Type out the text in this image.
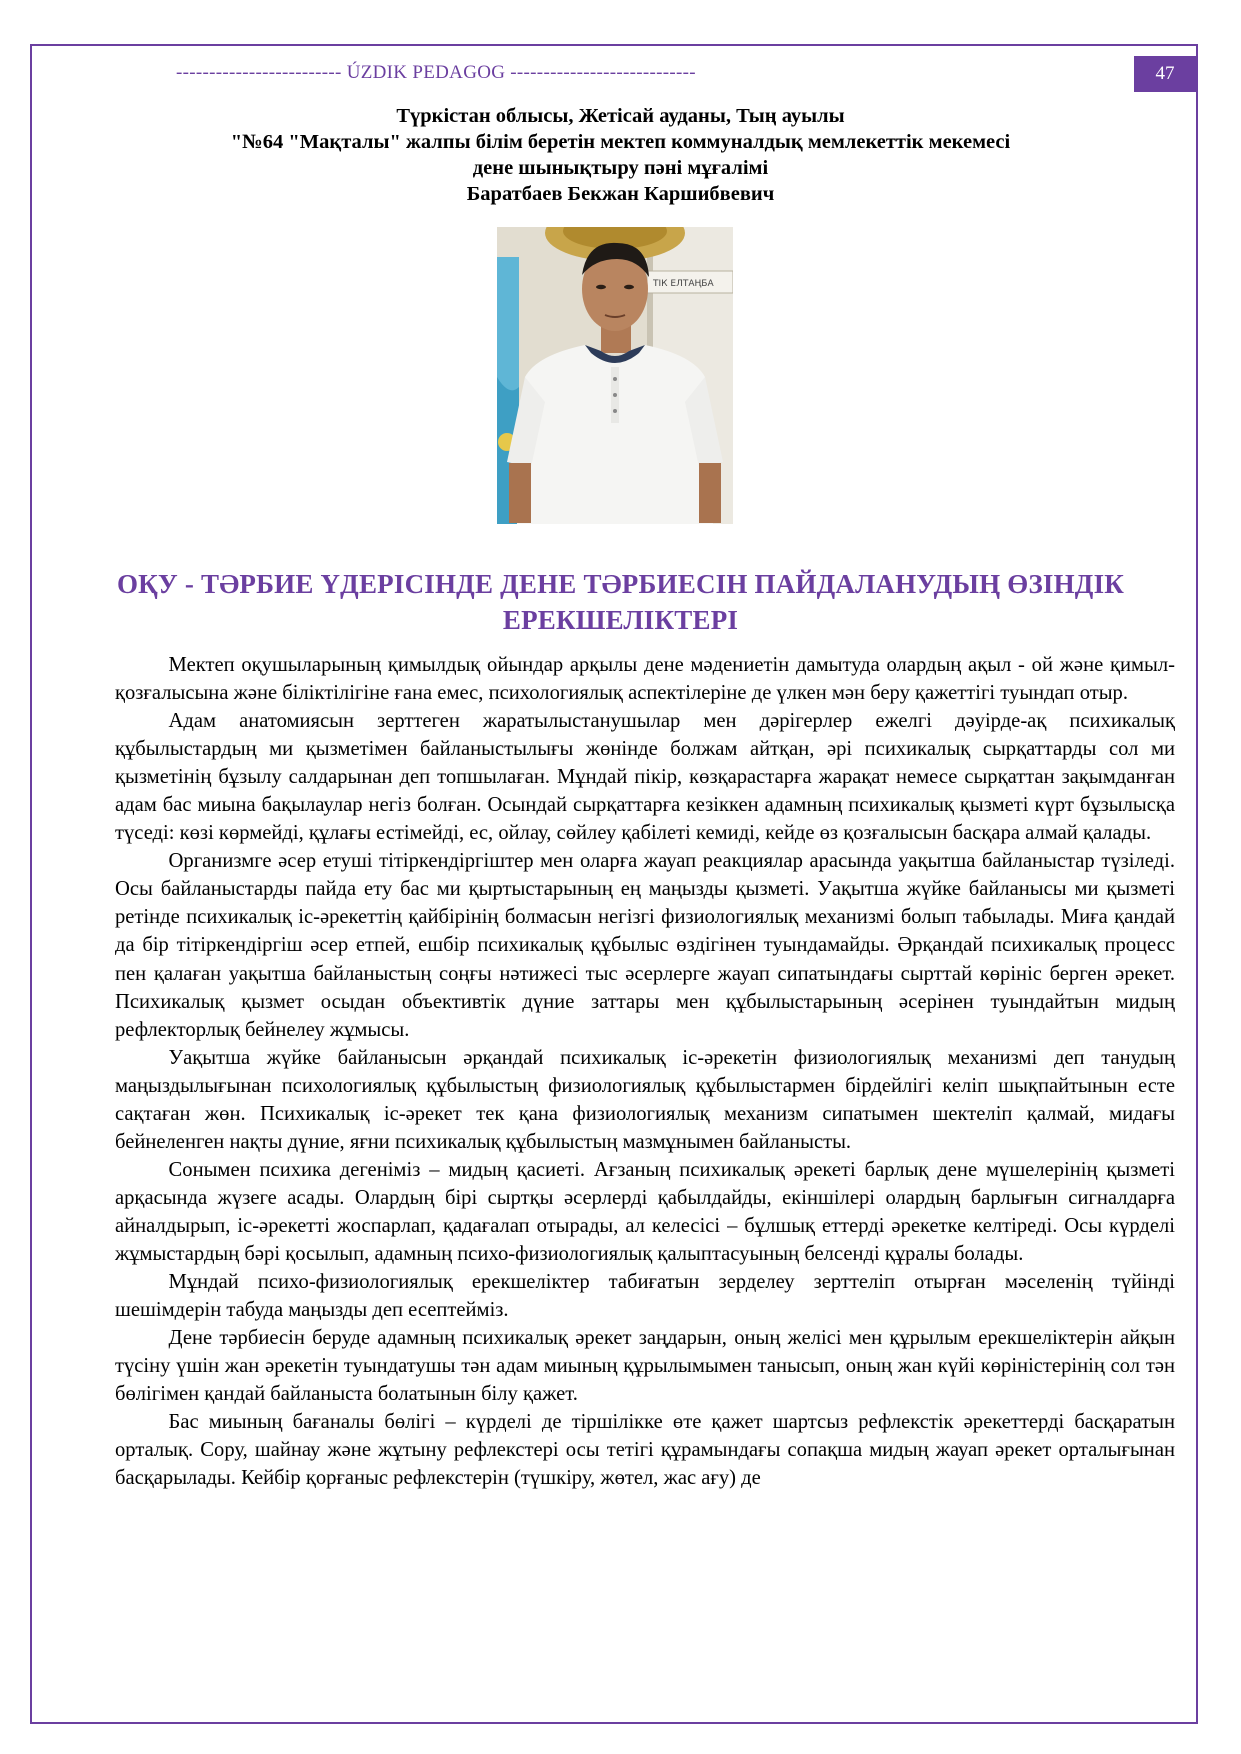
------------------------- ÚZDIK PEDAGOG ----------------------------	47
Түркістан облысы, Жетісай ауданы, Тың ауылы
"№64 "Мақталы" жалпы білім беретін мектеп коммуналдық мемлекеттік мекемесі
дене шынықтыру пәні мұғалімі
Баратбаев Бекжан Каршибвевич
ТІК ЕЛТАҢБА
ОҚУ - ТӘРБИЕ ҮДЕРІСІНДЕ ДЕНЕ ТӘРБИЕСІН ПАЙДАЛАНУДЫҢ ӨЗІНДІК
ЕРЕКШЕЛІКТЕРІ

Мектеп оқушыларының қимылдық ойындар арқылы дене мәдениетін дамытуда олардың ақыл - ой және қимыл-қозғалысына және біліктілігіне ғана емес, психологиялық аспектілеріне де үлкен мән беру қажеттігі туындап отыр.

Адам анатомиясын зерттеген жаратылыстанушылар мен дәрігерлер ежелгі дәуірде-ақ психикалық құбылыстардың ми қызметімен байланыстылығы жөнінде болжам айтқан, әрі психикалық сырқаттарды сол ми қызметінің бұзылу салдарынан деп топшылаған. Мұндай пікір, көзқарастарға жарақат немесе сырқаттан зақымданған адам бас миына бақылаулар негіз болған. Осындай сырқаттарға кезіккен адамның психикалық қызметі күрт бұзылысқа түседі: көзі көрмейді, құлағы естімейді, ес, ойлау, сөйлеу қабілеті кемиді, кейде өз қозғалысын басқара алмай қалады.

Организмге әсер етуші тітіркендіргіштер мен оларға жауап реакциялар арасында уақытша байланыстар түзіледі. Осы байланыстарды пайда ету бас ми қыртыстарының ең маңызды қызметі. Уақытша жүйке байланысы ми қызметі ретінде психикалық іс-әрекеттің қайбірінің болмасын негізгі физиологиялық механизмі болып табылады. Миға қандай да бір тітіркендіргіш әсер етпей, ешбір психикалық құбылыс өздігінен туындамайды. Әрқандай психикалық процесс пен қалаған уақытша байланыстың соңғы нәтижесі тыс әсерлерге жауап сипатындағы сырттай көрініс берген әрекет. Психикалық қызмет осыдан объективтік дүние заттары мен құбылыстарының әсерінен туындайтын мидың рефлекторлық бейнелеу жұмысы.

Уақытша жүйке байланысын әрқандай психикалық іс-әрекетін физиологиялық механизмі деп танудың маңыздылығынан психологиялық құбылыстың физиологиялық құбылыстармен бірдейлігі келіп шықпайтынын есте сақтаған жөн. Психикалық іс-әрекет тек қана физиологиялық механизм сипатымен шектеліп қалмай, мидағы бейнеленген нақты дүние, яғни психикалық құбылыстың мазмұнымен байланысты.

Сонымен психика дегеніміз – мидың қасиеті. Ағзаның психикалық әрекеті барлық дене мүшелерінің қызметі арқасында жүзеге асады. Олардың бірі сыртқы әсерлерді қабылдайды, екіншілері олардың барлығын сигналдарға айналдырып, іс-әрекетті жоспарлап, қадағалап отырады, ал келесісі – бұлшық еттерді әрекетке келтіреді. Осы күрделі жұмыстардың бәрі қосылып, адамның психо-физиологиялық қалыптасуының белсенді құралы болады.

Мұндай психо-физиологиялық ерекшеліктер табиғатын зерделеу зерттеліп отырған мәселенің түйінді шешімдерін табуда маңызды деп есептейміз.

Дене тәрбиесін беруде адамның психикалық әрекет заңдарын, оның желісі мен құрылым ерекшеліктерін айқын түсіну үшін жан әрекетін туындатушы тән адам миының құрылымымен танысып, оның жан күйі көріністерінің сол тән бөлігімен қандай байланыста болатынын білу қажет.

Бас миының бағаналы бөлігі – күрделі де тіршілікке өте қажет шартсыз рефлекстік әрекеттерді басқаратын орталық. Сору, шайнау және жұтыну рефлекстері осы тетігі құрамындағы сопақша мидың жауап әрекет орталығынан басқарылады. Кейбір қорғаныс рефлекстерін (түшкіру, жөтел, жас ағу) де
